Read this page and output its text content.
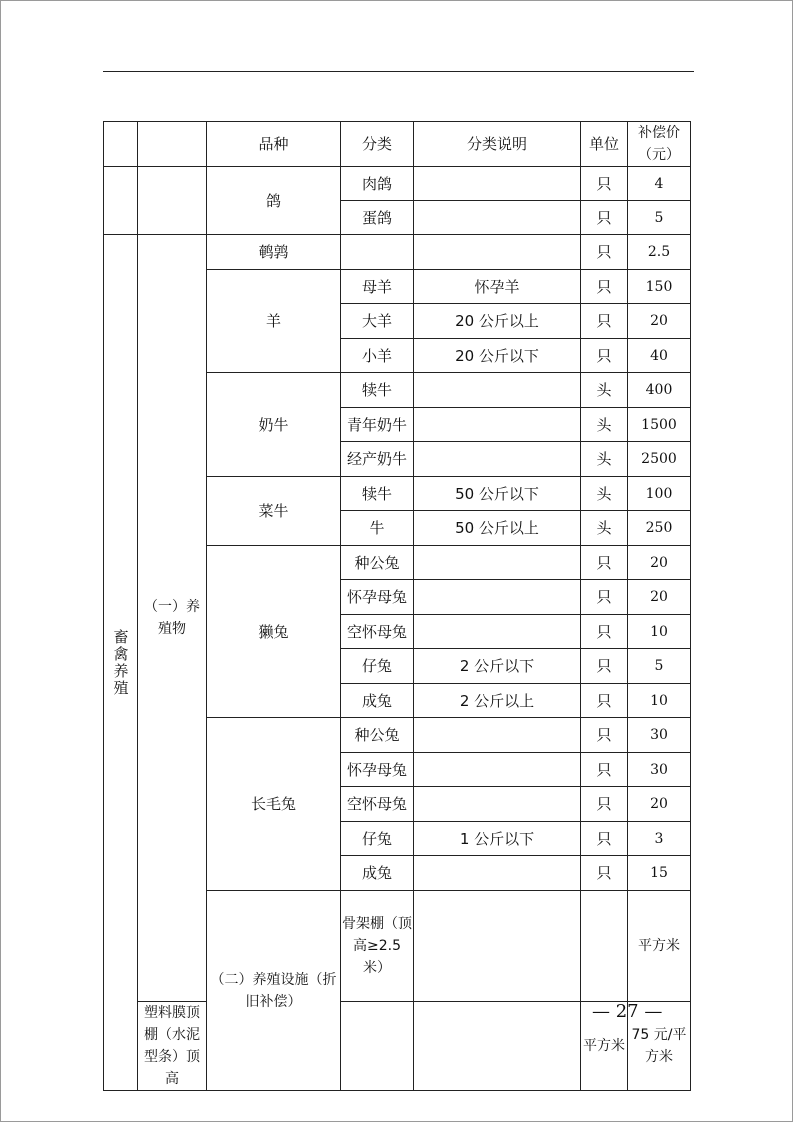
		品种	分类	分类说明	单位	补偿价（元）	
		鸽	肉鸽		只	4	
			蛋鸽		只	5	
畜禽养殖	（一）养殖物	鹌鹑			只	2.5	
		羊	母羊	怀孕羊	只	150	
			大羊	20 公斤以上	只	20	
			小羊	20 公斤以下	只	40	
		奶牛	犊牛		头	400	
			青年奶牛		头	1500	
			经产奶牛		头	2500	
		菜牛	犊牛	50 公斤以下	头	100	
			牛	50 公斤以上	头	250	
		獭兔	种公兔		只	20	
			怀孕母兔		只	20	
			空怀母兔		只	10	
			仔兔	2 公斤以下	只	5	
			成兔	2 公斤以上	只	10	
		长毛兔	种公兔		只	30	
			怀孕母兔		只	30	
			空怀母兔		只	20	
			仔兔	1 公斤以下	只	3	
			成兔		只	15	
		（二）养殖设施（折旧补偿）	骨架棚（顶高≥2.5 米）			平方米	
	塑料膜顶棚（水泥型条）顶高				平方米	75 元/平方米	
— 27 —
